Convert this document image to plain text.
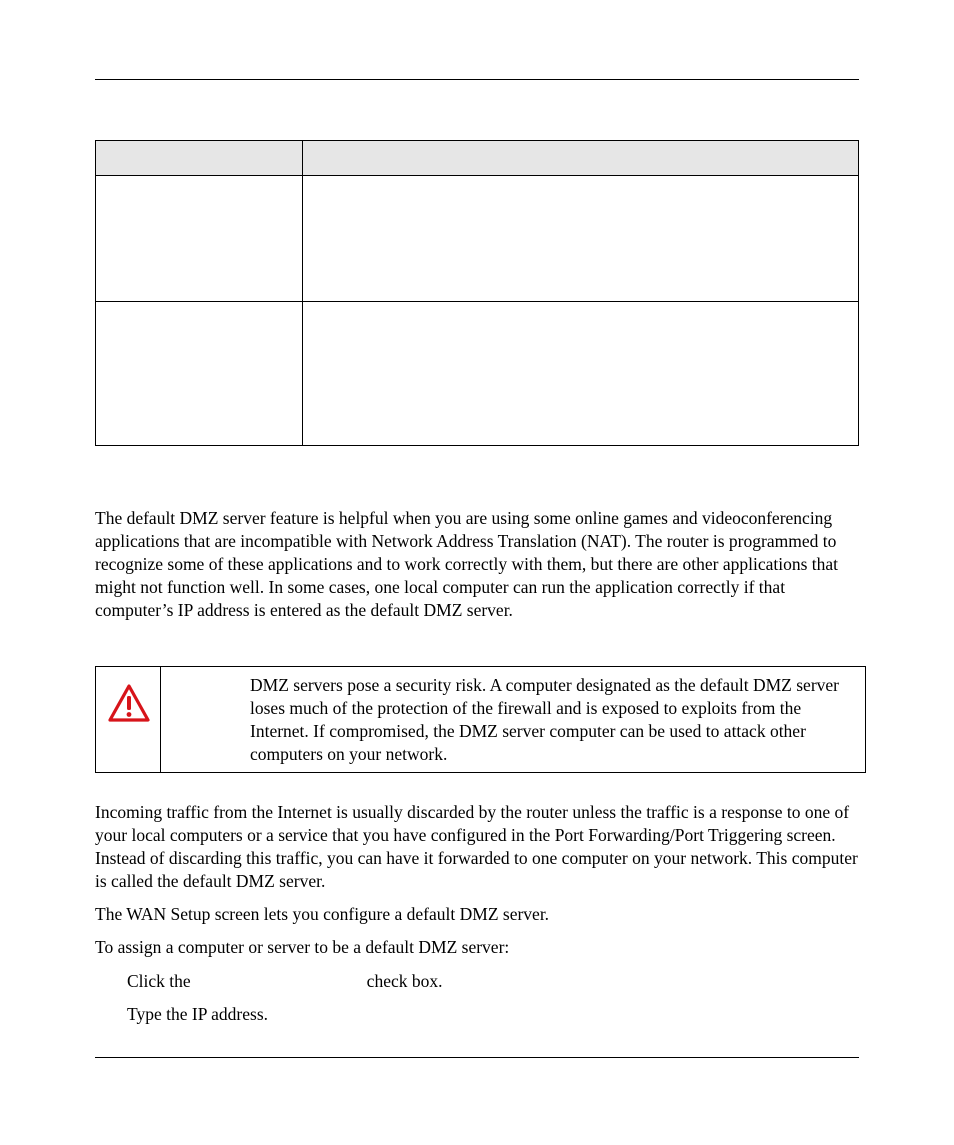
The default DMZ server feature is helpful when you are using some online games and videoconferencing applications that are incompatible with Network Address Translation (NAT). The router is programmed to recognize some of these applications and to work correctly with them, but there are other applications that might not function well. In some cases, one local computer can run the application correctly if that computer’s IP address is entered as the default DMZ server.

DMZ servers pose a security risk. A computer designated as the default DMZ server loses much of the protection of the firewall and is exposed to exploits from the Internet. If compromised, the DMZ server computer can be used to attack other computers on your network.

Incoming traffic from the Internet is usually discarded by the router unless the traffic is a response to one of your local computers or a service that you have configured in the Port Forwarding/Port Triggering screen. Instead of discarding this traffic, you can have it forwarded to one computer on your network. This computer is called the default DMZ server.

The WAN Setup screen lets you configure a default DMZ server.

To assign a computer or server to be a default DMZ server:

Click the	check box.

Type the IP address.
